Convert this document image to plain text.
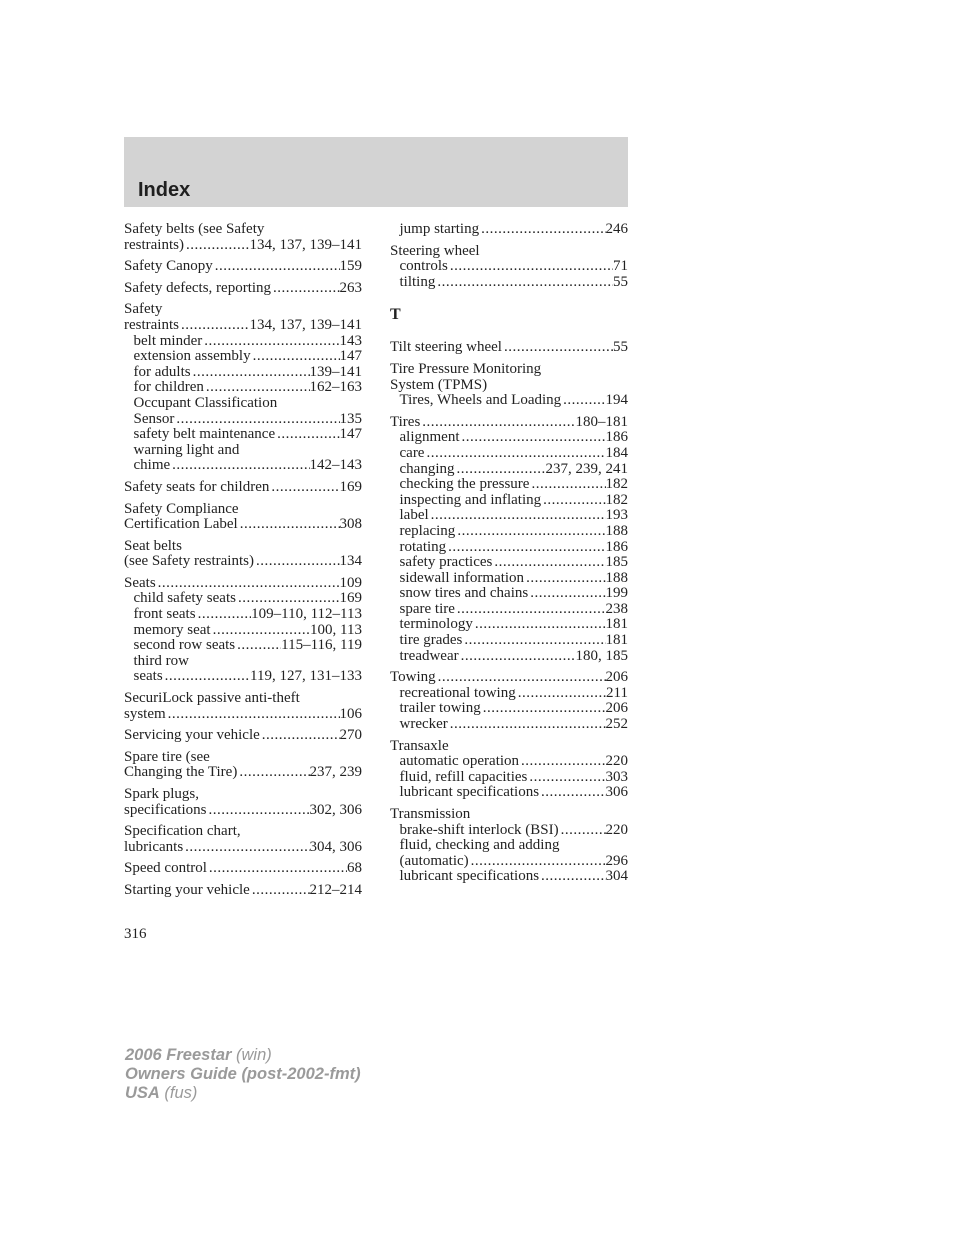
Index
Safety belts (see Safety
restraints) .....	134, 137, 139–141
Safety Canopy .....	159
Safety defects, reporting .....	263
Safety
restraints .....	134, 137, 139–141
belt minder .....	143
extension assembly .....	147
for adults .....	139–141
for children .....	162–163
Occupant Classification
Sensor .....	135
safety belt maintenance .....	147
warning light and
chime .....	142–143
Safety seats for children .....	169
Safety Compliance
Certification Label .....	308
Seat belts
(see Safety restraints) .....	134
Seats .....	109
child safety seats .....	169
front seats .....	109–110, 112–113
memory seat .....	100, 113
second row seats .....	115–116, 119
third row
seats .....	119, 127, 131–133
SecuriLock passive anti-theft
system .....	106
Servicing your vehicle .....	270
Spare tire (see
Changing the Tire) .....	237, 239
Spark plugs,
specifications .....	302, 306
Specification chart,
lubricants .....	304, 306
Speed control .....	68
Starting your vehicle .....	212–214
jump starting .....	246
Steering wheel
controls .....	71
tilting .....	55
T
Tilt steering wheel .....	55
Tire Pressure Monitoring
System (TPMS)
Tires, Wheels and Loading .....	194
Tires .....	180–181
alignment .....	186
care .....	184
changing .....	237, 239, 241
checking the pressure .....	182
inspecting and inflating .....	182
label .....	193
replacing .....	188
rotating .....	186
safety practices .....	185
sidewall information .....	188
snow tires and chains .....	199
spare tire .....	238
terminology .....	181
tire grades .....	181
treadwear .....	180, 185
Towing .....	206
recreational towing .....	211
trailer towing .....	206
wrecker .....	252
Transaxle
automatic operation .....	220
fluid, refill capacities .....	303
lubricant specifications .....	306
Transmission
brake-shift interlock (BSI) .....	220
fluid, checking and adding
(automatic) .....	296
lubricant specifications .....	304
316
2006 Freestar (win)
Owners Guide (post-2002-fmt)
USA (fus)
